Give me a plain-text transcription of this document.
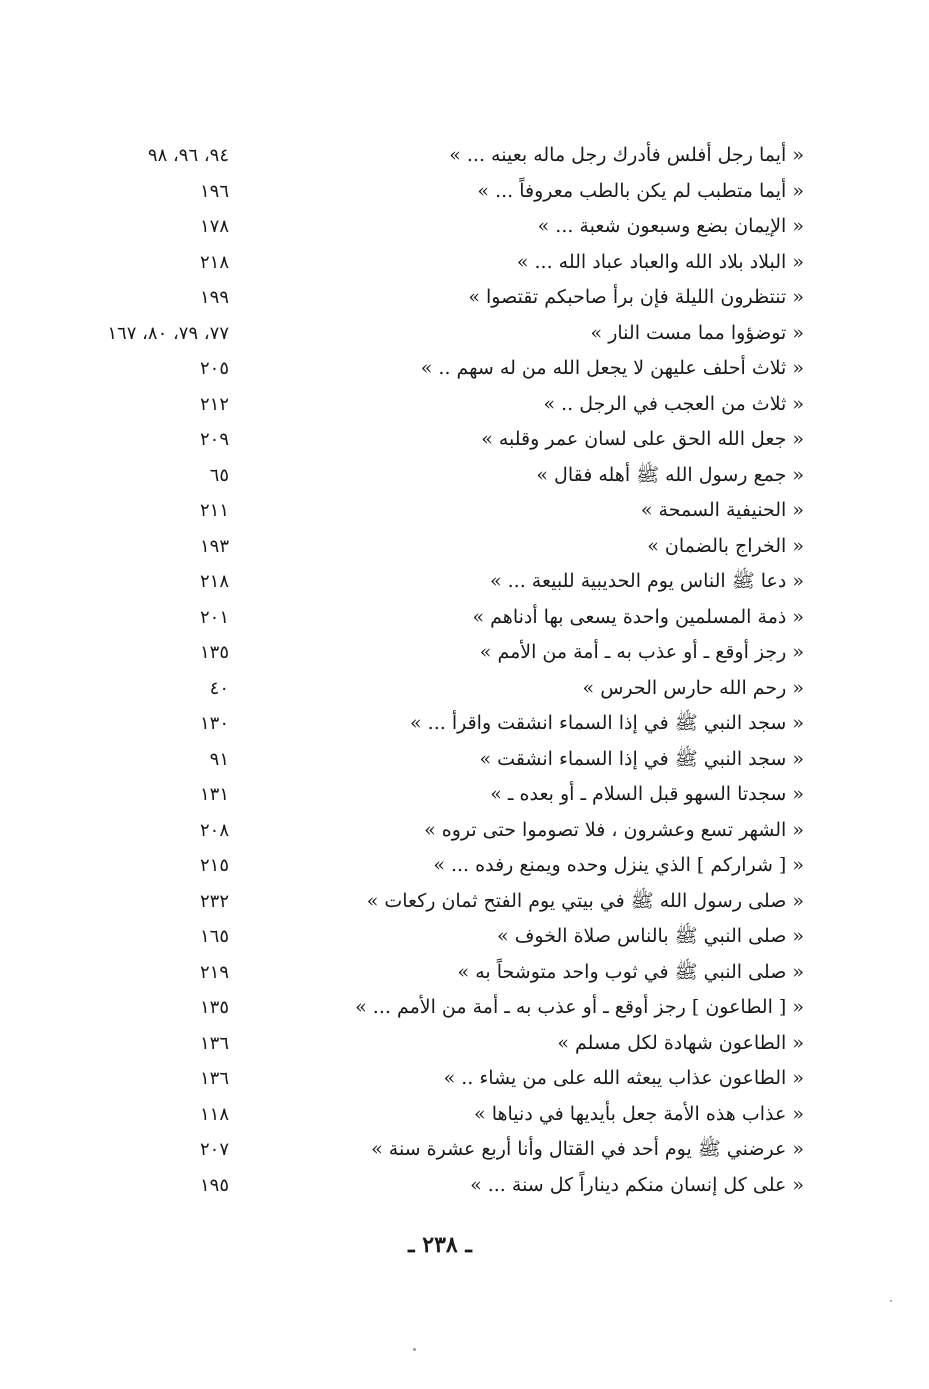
« أيما رجل أفلس فأدرك رجل ماله بعينه ... »
٩٤، ٩٦، ٩٨
« أيما متطبب لم يكن بالطب معروفاً ... »
١٩٦
« الإيمان بضع وسبعون شعبة ... »
١٧٨
« البلاد بلاد الله والعباد عباد الله ... »
٢١٨
« تنتظرون الليلة فإن برأ صاحبكم تقتصوا »
١٩٩
« توضؤوا مما مست النار »
٧٧، ٧٩، ٨٠، ١٦٧
« ثلاث أحلف عليهن لا يجعل الله من له سهم .. »
٢٠٥
« ثلاث من العجب في الرجل .. »
٢١٢
« جعل الله الحق على لسان عمر وقلبه »
٢٠٩
« جمع رسول الله ﷺ أهله فقال »
٦٥
« الحنيفية السمحة »
٢١١
« الخراج بالضمان »
١٩٣
« دعا ﷺ الناس يوم الحديبية للبيعة ... »
٢١٨
« ذمة المسلمين واحدة يسعى بها أدناهم »
٢٠١
« رجز أوقع ـ أو عذب به ـ أمة من الأمم »
١٣٥
« رحم الله حارس الحرس »
٤٠
« سجد النبي ﷺ في إذا السماء انشقت واقرأ ... »
١٣٠
« سجد النبي ﷺ في إذا السماء انشقت »
٩١
« سجدتا السهو قبل السلام ـ أو بعده ـ »
١٣١
« الشهر تسع وعشرون ، فلا تصوموا حتى تروه »
٢٠٨
« [ شراركم ] الذي ينزل وحده ويمنع رفده ... »
٢١٥
« صلى رسول الله ﷺ في بيتي يوم الفتح ثمان ركعات »
٢٣٢
« صلى النبي ﷺ بالناس صلاة الخوف »
١٦٥
« صلى النبي ﷺ في ثوب واحد متوشحاً به »
٢١٩
« [ الطاعون ] رجز أوقع ـ أو عذب به ـ أمة من الأمم ... »
١٣٥
« الطاعون شهادة لكل مسلم »
١٣٦
« الطاعون عذاب يبعثه الله على من يشاء .. »
١٣٦
« عذاب هذه الأمة جعل بأيديها في دنياها »
١١٨
« عرضني ﷺ يوم أحد في القتال وأنا أربع عشرة سنة »
٢٠٧
« على كل إنسان منكم ديناراً كل سنة ... »
١٩٥
ـ ٢٣٨ ـ
